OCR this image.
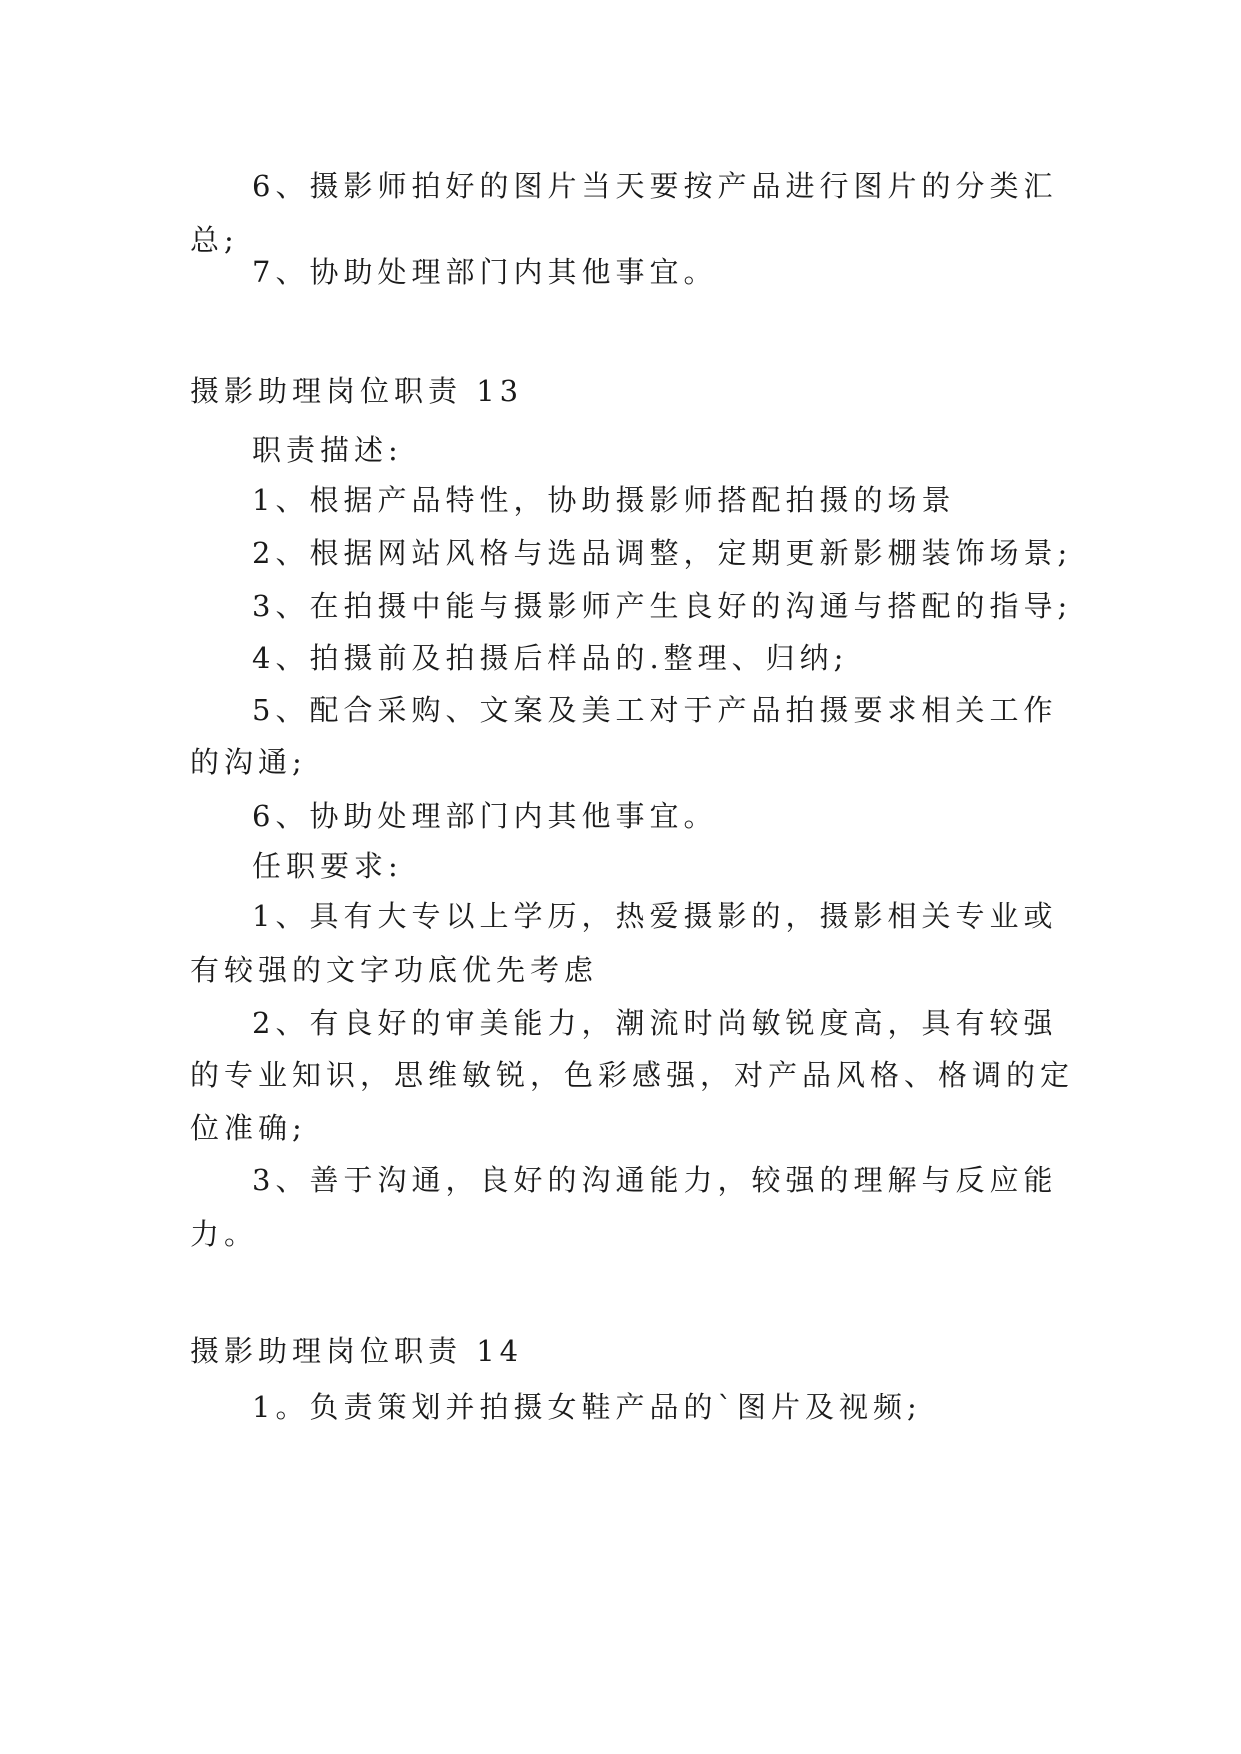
6、摄影师拍好的图片当天要按产品进行图片的分类汇
总;
7、协助处理部门内其他事宜。
摄影助理岗位职责 13
职责描述:
1、根据产品特性，协助摄影师搭配拍摄的场景
2、根据网站风格与选品调整，定期更新影棚装饰场景;
3、在拍摄中能与摄影师产生良好的沟通与搭配的指导;
4、拍摄前及拍摄后样品的.整理、归纳;
5、配合采购、文案及美工对于产品拍摄要求相关工作
的沟通;
6、协助处理部门内其他事宜。
任职要求:
1、具有大专以上学历，热爱摄影的，摄影相关专业或
有较强的文字功底优先考虑
2、有良好的审美能力，潮流时尚敏锐度高，具有较强
的专业知识，思维敏锐，色彩感强，对产品风格、格调的定
位准确;
3、善于沟通，良好的沟通能力，较强的理解与反应能
力。
摄影助理岗位职责 14
1。负责策划并拍摄女鞋产品的`图片及视频;
